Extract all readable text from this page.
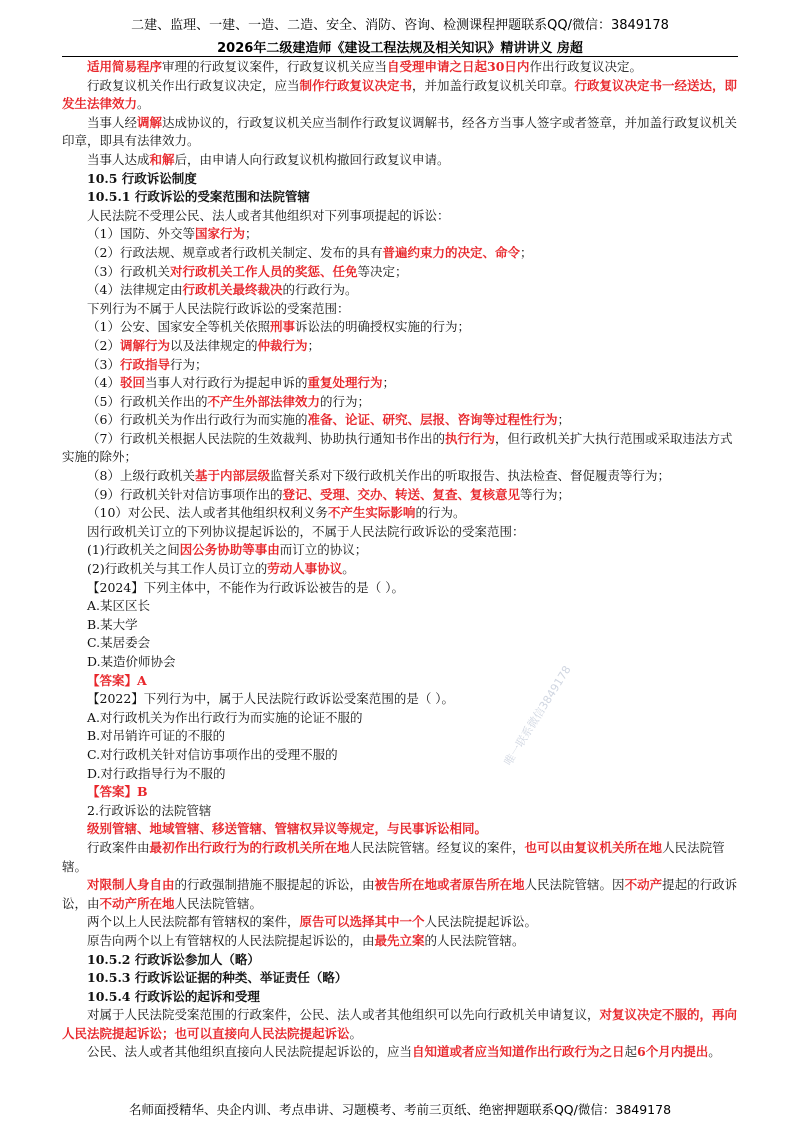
二建、监理、一建、一造、二造、安全、消防、咨询、检测课程押题联系QQ/微信：3849178
2026年二级建造师《建设工程法规及相关知识》精讲讲义 房超
唯一联系微信3849178

适用简易程序审理的行政复议案件，行政复议机关应当自受理申请之日起30日内作出行政复议决定。

行政复议机关作出行政复议决定，应当制作行政复议决定书，并加盖行政复议机关印章。行政复议决定书一经送达，即发生法律效力。

当事人经调解达成协议的，行政复议机关应当制作行政复议调解书，经各方当事人签字或者签章，并加盖行政复议机关印章，即具有法律效力。

当事人达成和解后，由申请人向行政复议机构撤回行政复议申请。

10.5 行政诉讼制度

10.5.1 行政诉讼的受案范围和法院管辖

人民法院不受理公民、法人或者其他组织对下列事项提起的诉讼：

（1）国防、外交等国家行为；

（2）行政法规、规章或者行政机关制定、发布的具有普遍约束力的决定、命令；

（3）行政机关对行政机关工作人员的奖惩、任免等决定；

（4）法律规定由行政机关最终裁决的行政行为。

下列行为不属于人民法院行政诉讼的受案范围：

（1）公安、国家安全等机关依照刑事诉讼法的明确授权实施的行为；

（2）调解行为以及法律规定的仲裁行为；

（3）行政指导行为；

（4）驳回当事人对行政行为提起申诉的重复处理行为；

（5）行政机关作出的不产生外部法律效力的行为；

（6）行政机关为作出行政行为而实施的准备、论证、研究、层报、咨询等过程性行为；

（7）行政机关根据人民法院的生效裁判、协助执行通知书作出的执行行为，但行政机关扩大执行范围或采取违法方式实施的除外；

（8）上级行政机关基于内部层级监督关系对下级行政机关作出的听取报告、执法检查、督促履责等行为；

（9）行政机关针对信访事项作出的登记、受理、交办、转送、复查、复核意见等行为；

（10）对公民、法人或者其他组织权利义务不产生实际影响的行为。

因行政机关订立的下列协议提起诉讼的，不属于人民法院行政诉讼的受案范围：

(1)行政机关之间因公务协助等事由而订立的协议；

(2)行政机关与其工作人员订立的劳动人事协议。

【2024】下列主体中，不能作为行政诉讼被告的是（ ）。

A.某区区长

B.某大学

C.某居委会

D.某造价师协会

【答案】A

【2022】下列行为中，属于人民法院行政诉讼受案范围的是（ ）。

A.对行政机关为作出行政行为而实施的论证不服的

B.对吊销许可证的不服的

C.对行政机关针对信访事项作出的受理不服的

D.对行政指导行为不服的

【答案】B

2.行政诉讼的法院管辖

级别管辖、地域管辖、移送管辖、管辖权异议等规定，与民事诉讼相同。

行政案件由最初作出行政行为的行政机关所在地人民法院管辖。经复议的案件，也可以由复议机关所在地人民法院管辖。

对限制人身自由的行政强制措施不服提起的诉讼，由被告所在地或者原告所在地人民法院管辖。因不动产提起的行政诉讼，由不动产所在地人民法院管辖。

两个以上人民法院都有管辖权的案件，原告可以选择其中一个人民法院提起诉讼。

原告向两个以上有管辖权的人民法院提起诉讼的，由最先立案的人民法院管辖。

10.5.2 行政诉讼参加人（略）

10.5.3 行政诉讼证据的种类、举证责任（略）

10.5.4 行政诉讼的起诉和受理

对属于人民法院受案范围的行政案件，公民、法人或者其他组织可以先向行政机关申请复议，对复议决定不服的，再向人民法院提起诉讼；也可以直接向人民法院提起诉讼。

公民、法人或者其他组织直接向人民法院提起诉讼的，应当自知道或者应当知道作出行政行为之日起6个月内提出。

名师面授精华、央企内训、考点串讲、习题模考、考前三页纸、绝密押题联系QQ/微信：3849178
